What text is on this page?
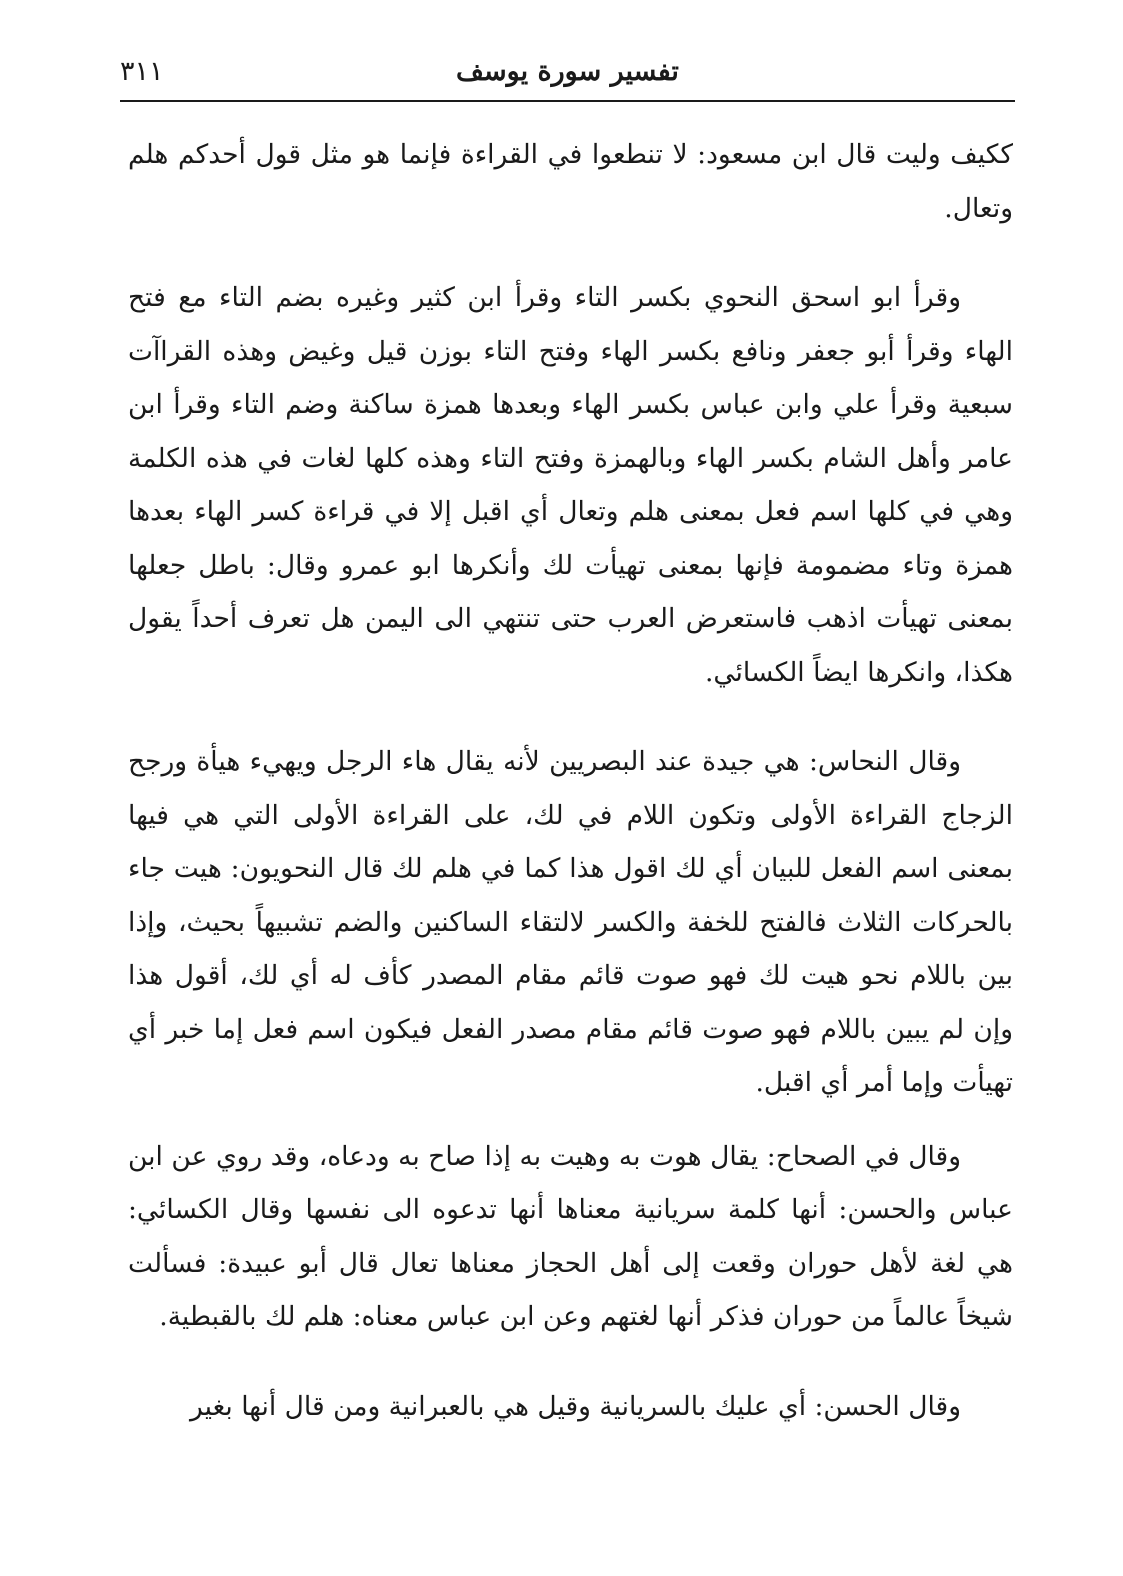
٣١١	تفسير سورة يوسف

ككيف وليت قال ابن مسعود: لا تنطعوا في القراءة فإنما هو مثل قول أحدكم هلم وتعال.

وقرأ ابو اسحق النحوي بكسر التاء وقرأ ابن كثير وغيره بضم التاء مع فتح الهاء وقرأ أبو جعفر ونافع بكسر الهاء وفتح التاء بوزن قيل وغيض وهذه القراآت سبعية وقرأ علي وابن عباس بكسر الهاء وبعدها همزة ساكنة وضم التاء وقرأ ابن عامر وأهل الشام بكسر الهاء وبالهمزة وفتح التاء وهذه كلها لغات في هذه الكلمة وهي في كلها اسم فعل بمعنى هلم وتعال أي اقبل إلا في قراءة كسر الهاء بعدها همزة وتاء مضمومة فإنها بمعنى تهيأت لك وأنكرها ابو عمرو وقال: باطل جعلها بمعنى تهيأت اذهب فاستعرض العرب حتى تنتهي الى اليمن هل تعرف أحداً يقول هكذا، وانكرها ايضاً الكسائي.

وقال النحاس: هي جيدة عند البصريين لأنه يقال هاء الرجل ويهيء هيأة ورجح الزجاج القراءة الأولى وتكون اللام في لك، على القراءة الأولى التي هي فيها بمعنى اسم الفعل للبيان أي لك اقول هذا كما في هلم لك قال النحويون: هيت جاء بالحركات الثلاث فالفتح للخفة والكسر لالتقاء الساكنين والضم تشبيهاً بحيث، وإذا بين باللام نحو هيت لك فهو صوت قائم مقام المصدر كأف له أي لك، أقول هذا وإن لم يبين باللام فهو صوت قائم مقام مصدر الفعل فيكون اسم فعل إما خبر أي تهيأت وإما أمر أي اقبل.

وقال في الصحاح: يقال هوت به وهيت به إذا صاح به ودعاه، وقد روي عن ابن عباس والحسن: أنها كلمة سريانية معناها أنها تدعوه الى نفسها وقال الكسائي: هي لغة لأهل حوران وقعت إلى أهل الحجاز معناها تعال قال أبو عبيدة: فسألت شيخاً عالماً من حوران فذكر أنها لغتهم وعن ابن عباس معناه: هلم لك بالقبطية.

وقال الحسن: أي عليك بالسريانية وقيل هي بالعبرانية ومن قال أنها بغير
